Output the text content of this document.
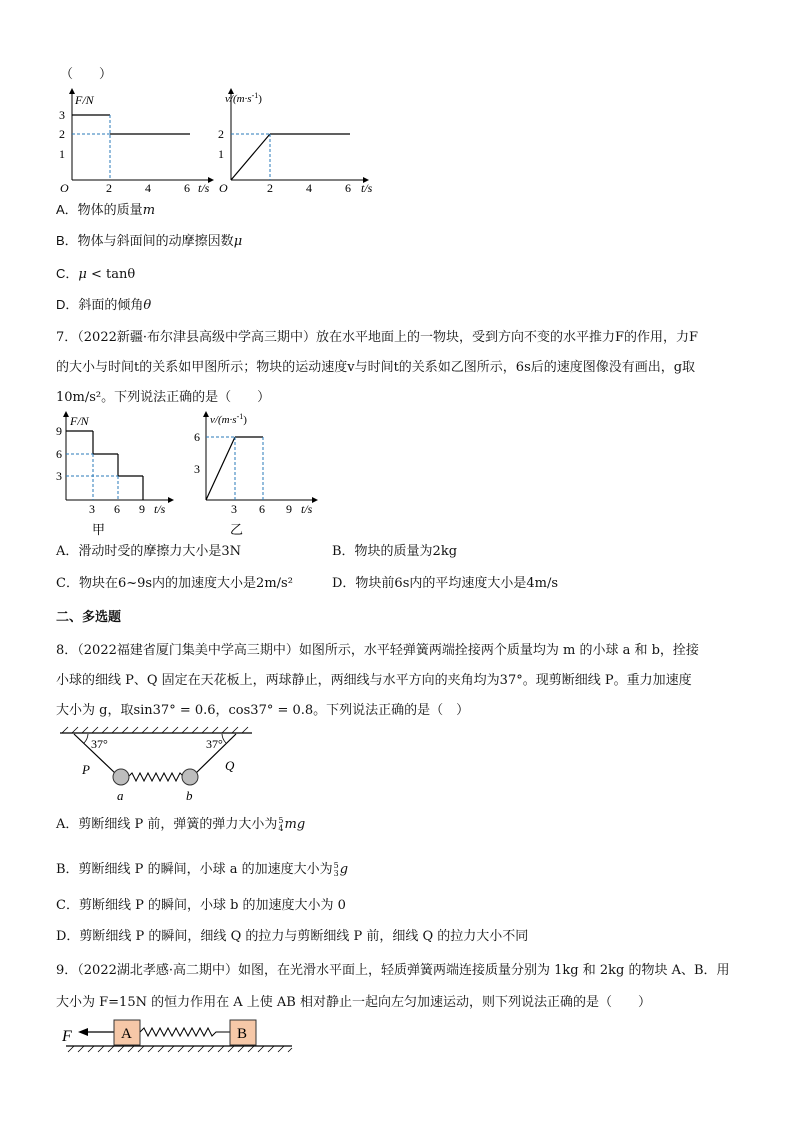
（　　）
F/N
3
2
1
O	2	4	6 t/s
$v/(m\cdot s^{-1})$
2
1
O	2	4	6 t/s
A．物体的质量m
B．物体与斜面间的动摩擦因数μ
C．μ < tanθ
D．斜面的倾角θ
7．（2022新疆·布尔津县高级中学高三期中）放在水平地面上的一物块，受到方向不变的水平推力F的作用，力F
的大小与时间t的关系如甲图所示；物块的运动速度v与时间t的关系如乙图所示，6s后的速度图像没有画出，g取
10m/s²。下列说法正确的是（　　）
F/N
9
6
3
3 6 9 t/s
甲
$v/(m\cdot s^{-1})$
6
3
3 6 9 t/s
乙
A．滑动时受的摩擦力大小是3N	B．物块的质量为2kg
C．物块在6~9s内的加速度大小是2m/s²	D．物块前6s内的平均速度大小是4m/s
二、多选题
8．（2022福建省厦门集美中学高三期中）如图所示，水平轻弹簧两端拴接两个质量均为 m 的小球 a 和 b，拴接
小球的细线 P、Q 固定在天花板上，两球静止，两细线与水平方向的夹角均为37°。现剪断细线 P。重力加速度
大小为 g，取sin37° = 0.6，cos37° = 0.8。下列说法正确的是（　）
37°	37°
P	Q
a	b
A．剪断细线 P 前，弹簧的弹力大小为5
4mg
B．剪断细线 P 的瞬间，小球 a 的加速度大小为5
3g
C．剪断细线 P 的瞬间，小球 b 的加速度大小为 0
D．剪断细线 P 的瞬间，细线 Q 的拉力与剪断细线 P 前，细线 Q 的拉力大小不同
9．（2022湖北孝感·高二期中）如图，在光滑水平面上，轻质弹簧两端连接质量分别为 1kg 和 2kg 的物块 A、B．用
大小为 F=15N 的恒力作用在 A 上使 AB 相对静止一起向左匀加速运动，则下列说法正确的是（　　）
F	A	B
